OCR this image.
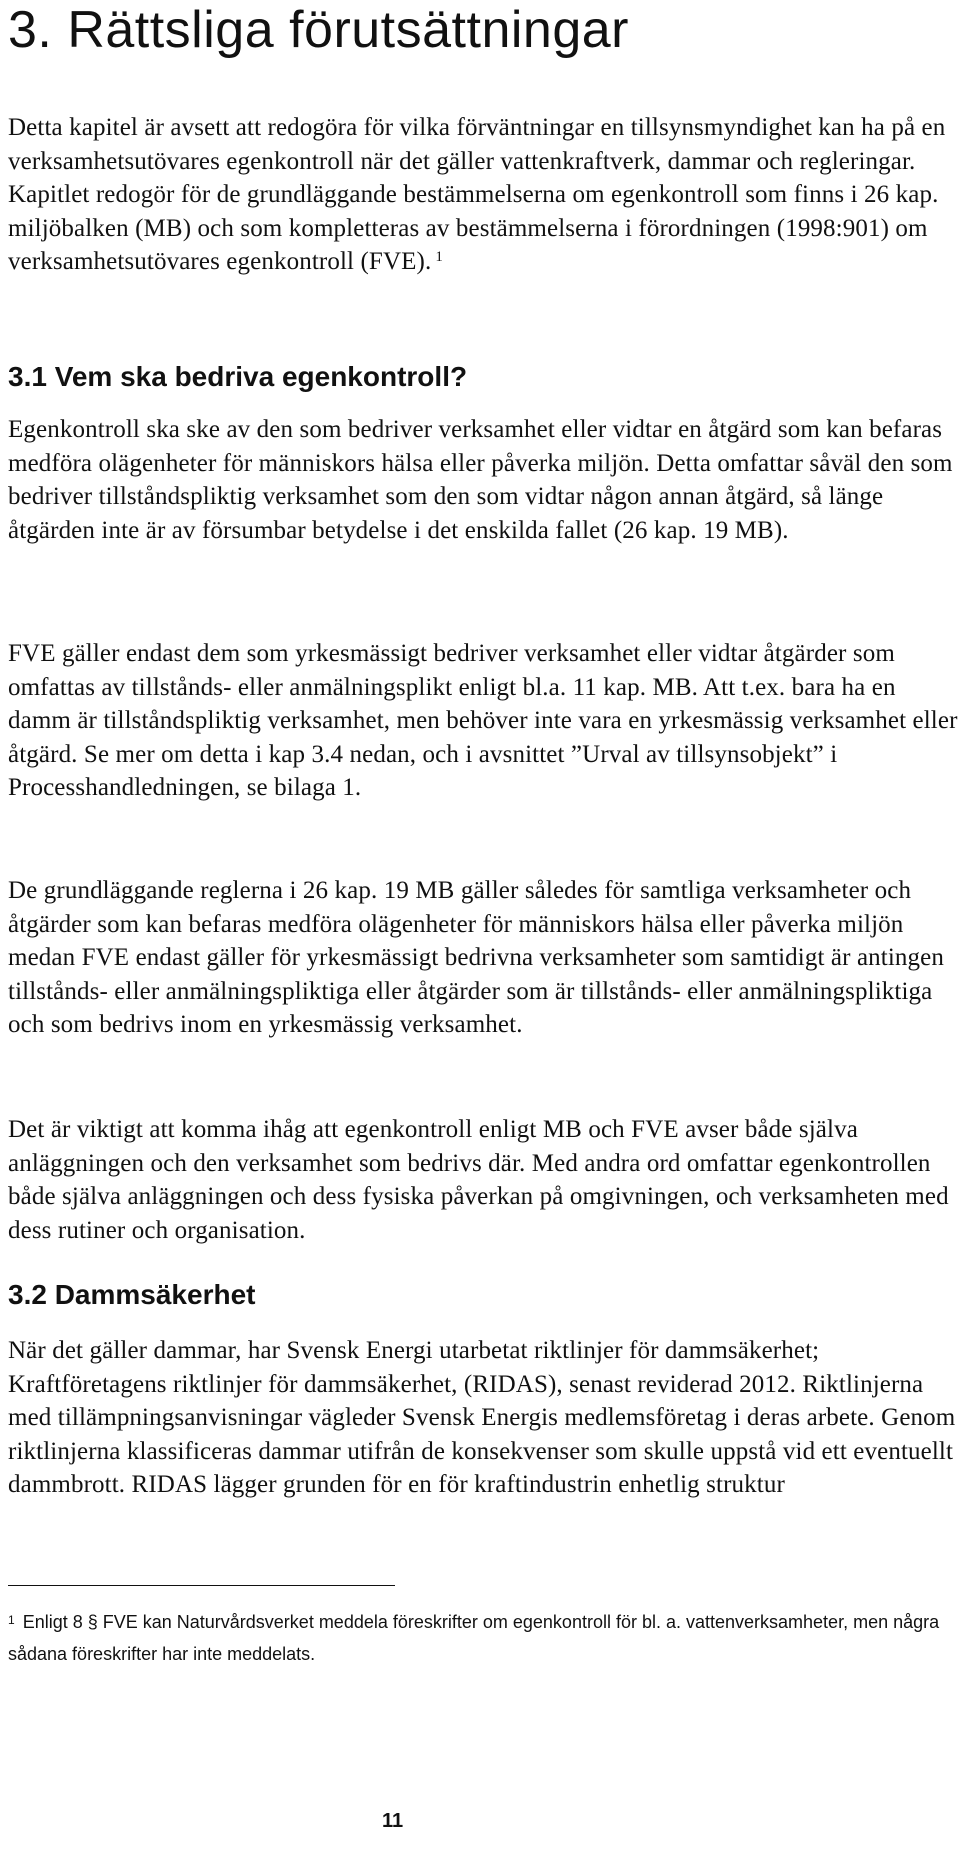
3. Rättsliga förutsättningar

Detta kapitel är avsett att redogöra för vilka förväntningar en tillsynsmyndighet kan ha på en verksamhetsutövares egenkontroll när det gäller vattenkraftverk, dammar och regleringar. Kapitlet redogör för de grundläggande bestämmelserna om egenkontroll som finns i 26 kap. miljöbalken (MB) och som kompletteras av bestämmelserna i förordningen (1998:901) om verksamhetsutövares egenkontroll (FVE). $^1$

3.1 Vem ska bedriva egenkontroll?

Egenkontroll ska ske av den som bedriver verksamhet eller vidtar en åtgärd som kan befaras medföra olägenheter för människors hälsa eller påverka miljön. Detta omfattar såväl den som bedriver tillståndspliktig verksamhet som den som vidtar någon annan åtgärd, så länge åtgärden inte är av försumbar betydelse i det enskilda fallet (26 kap. 19 MB).

FVE gäller endast dem som yrkesmässigt bedriver verksamhet eller vidtar åtgärder som omfattas av tillstånds- eller anmälningsplikt enligt bl.a. 11 kap. MB. Att t.ex. bara ha en damm är tillståndspliktig verksamhet, men behöver inte vara en yrkesmässig verksamhet eller åtgärd. Se mer om detta i kap 3.4 nedan, och i avsnittet ”Urval av tillsynsobjekt” i Processhandledningen, se bilaga 1.

De grundläggande reglerna i 26 kap. 19 MB gäller således för samtliga verksamheter och åtgärder som kan befaras medföra olägenheter för människors hälsa eller påverka miljön medan FVE endast gäller för yrkesmässigt bedrivna verksamheter som samtidigt är antingen tillstånds- eller anmälningspliktiga eller åtgärder som är tillstånds- eller anmälningspliktiga och som bedrivs inom en yrkesmässig verksamhet.

Det är viktigt att komma ihåg att egenkontroll enligt MB och FVE avser både själva anläggningen och den verksamhet som bedrivs där. Med andra ord omfattar egenkontrollen både själva anläggningen och dess fysiska påverkan på omgivningen, och verksamheten med dess rutiner och organisation.

3.2 Dammsäkerhet

När det gäller dammar, har Svensk Energi utarbetat riktlinjer för dammsäkerhet; Kraftföretagens riktlinjer för dammsäkerhet, (RIDAS), senast reviderad 2012. Riktlinjerna med tillämpningsanvisningar vägleder Svensk Energis medlemsföretag i deras arbete. Genom riktlinjerna klassificeras dammar utifrån de konsekvenser som skulle uppstå vid ett eventuellt dammbrott. RIDAS lägger grunden för en för kraftindustrin enhetlig struktur

$^1$ Enligt 8 § FVE kan Naturvårdsverket meddela föreskrifter om egenkontroll för bl. a. vattenverksamheter, men några sådana föreskrifter har inte meddelats.
11
